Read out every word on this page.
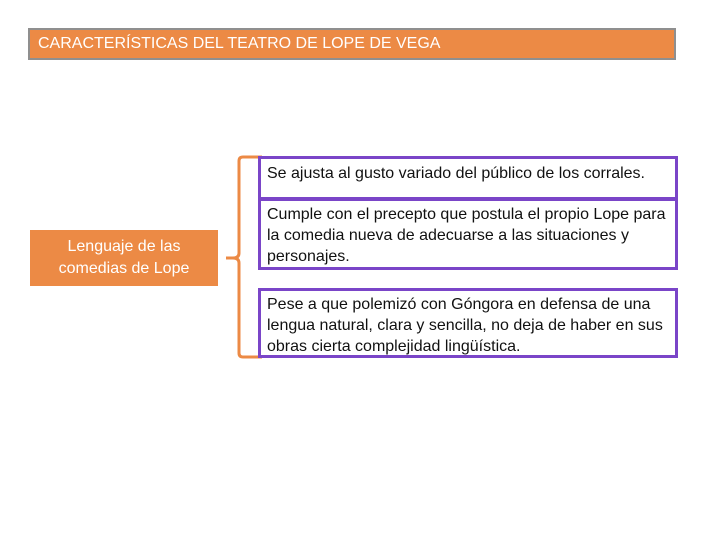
CARACTERÍSTICAS DEL TEATRO DE LOPE DE VEGA
Lenguaje de las
comedias de Lope
Se ajusta al gusto variado del público de los corrales.
Cumple con el precepto que postula el propio Lope para la comedia nueva de adecuarse a las situaciones y personajes.
Pese a que polemizó con Góngora en defensa de una lengua natural, clara y sencilla, no deja de haber en sus obras cierta complejidad lingüística.
